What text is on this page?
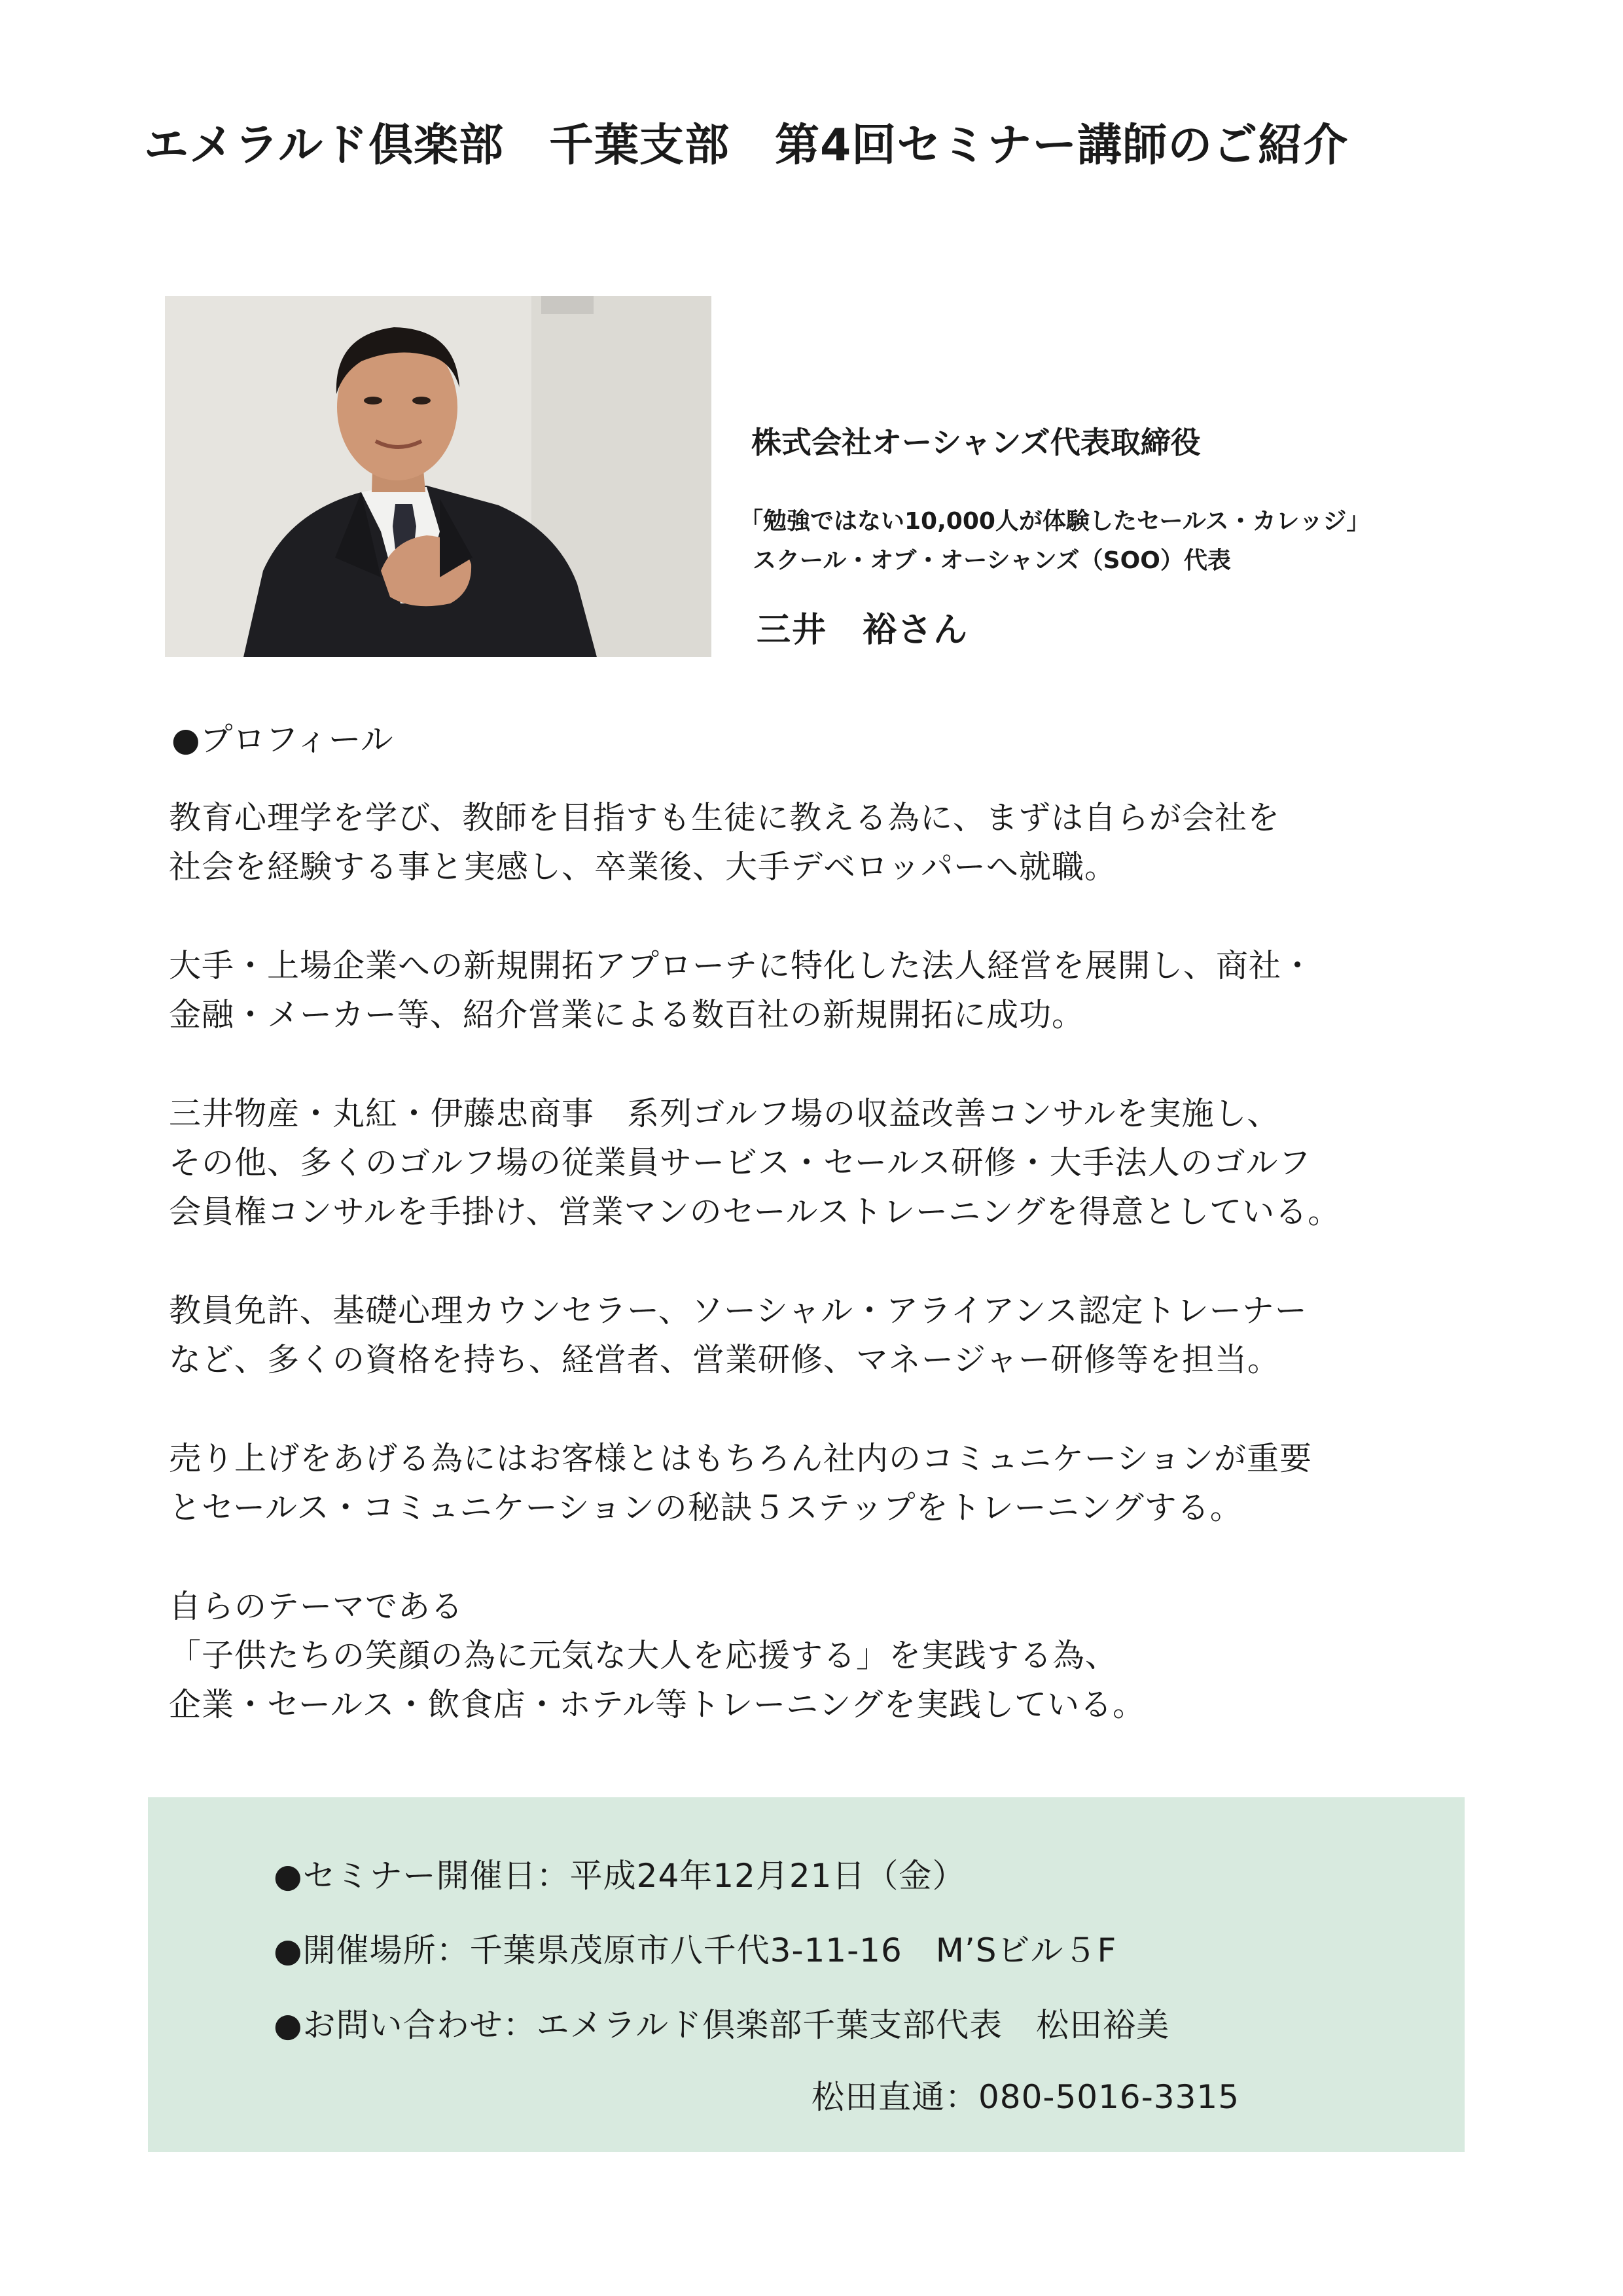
エメラルド倶楽部　千葉支部　第4回セミナー講師のご紹介
株式会社オーシャンズ代表取締役
「勉強ではない10,000人が体験したセールス・カレッジ」
スクール・オブ・オーシャンズ（SOO）代表
三井　裕さん
●プロフィール
教育心理学を学び、教師を目指すも生徒に教える為に、まずは自らが会社を
社会を経験する事と実感し、卒業後、大手デベロッパーへ就職。
大手・上場企業への新規開拓アプローチに特化した法人経営を展開し、商社・
金融・メーカー等、紹介営業による数百社の新規開拓に成功。
三井物産・丸紅・伊藤忠商事　系列ゴルフ場の収益改善コンサルを実施し、
その他、多くのゴルフ場の従業員サービス・セールス研修・大手法人のゴルフ
会員権コンサルを手掛け、営業マンのセールストレーニングを得意としている。
教員免許、基礎心理カウンセラー、ソーシャル・アライアンス認定トレーナー
など、多くの資格を持ち、経営者、営業研修、マネージャー研修等を担当。
売り上げをあげる為にはお客様とはもちろん社内のコミュニケーションが重要
とセールス・コミュニケーションの秘訣５ステップをトレーニングする。
自らのテーマである
「子供たちの笑顔の為に元気な大人を応援する」を実践する為、
企業・セールス・飲食店・ホテル等トレーニングを実践している。
●セミナー開催日：平成24年12月21日（金）
●開催場所：千葉県茂原市八千代3-11-16　M’Sビル５F
●お問い合わせ：エメラルド倶楽部千葉支部代表　松田裕美
松田直通：080-5016-3315
